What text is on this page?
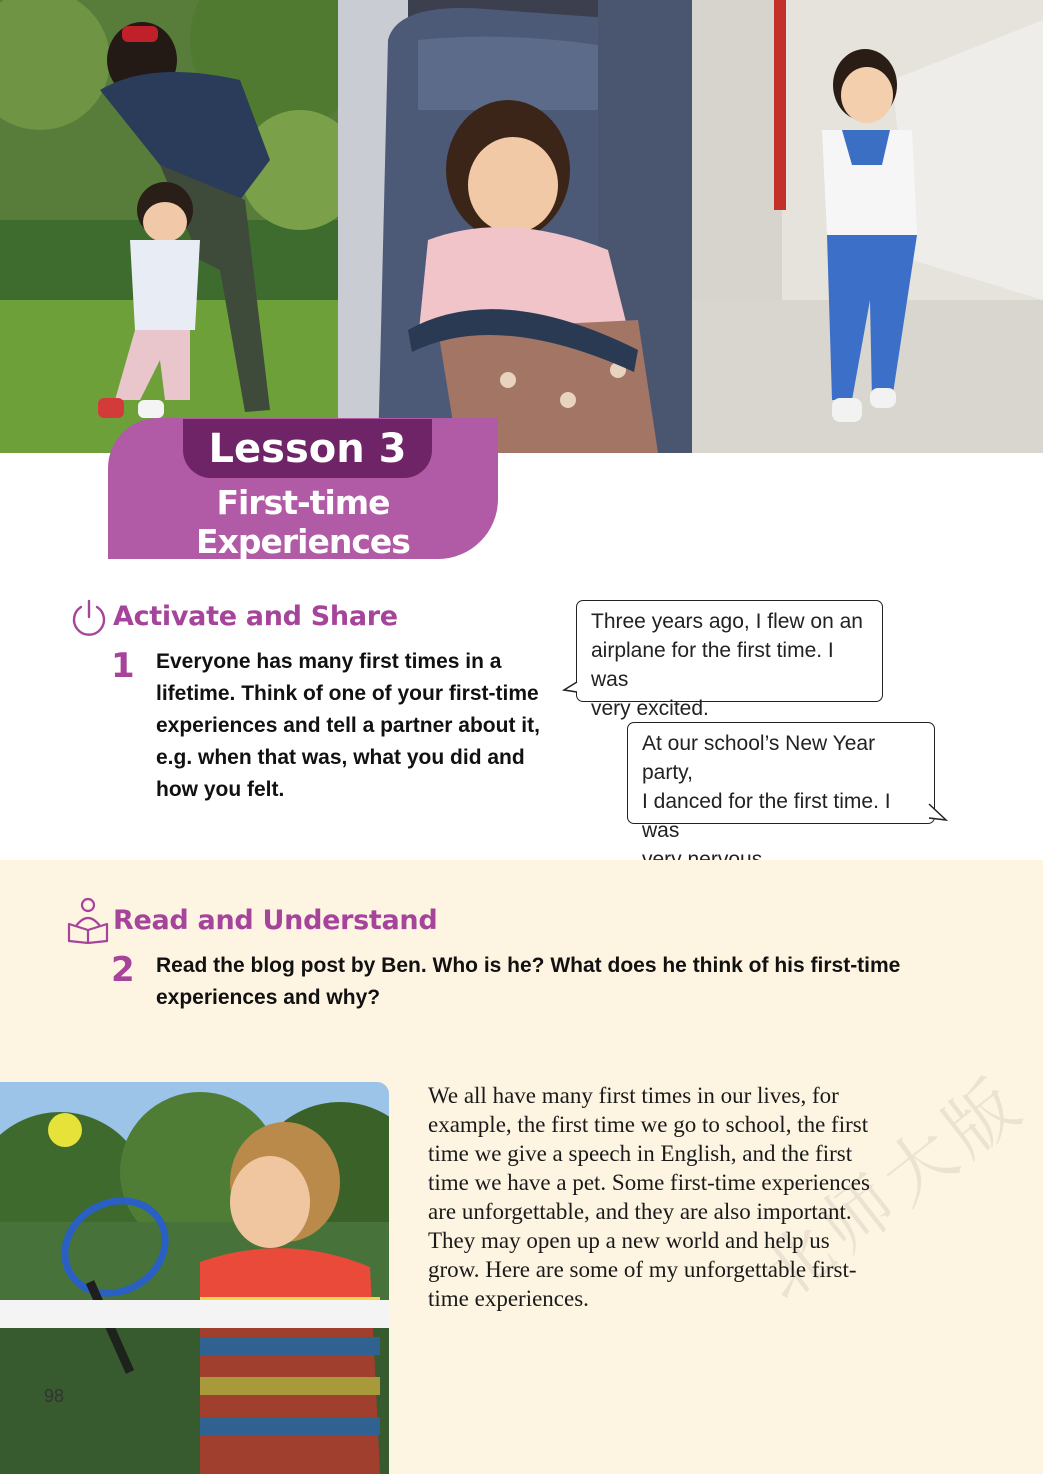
Lesson 3
First-time Experiences
Activate and Share
1 Everyone has many first times in a
lifetime. Think of one of your first-time
experiences and tell a partner about it,
e.g. when that was, what you did and
how you felt.
Three years ago, I flew on an
airplane for the first time. I was
very excited.
At our school’s New Year party,
I danced for the first time. I was
Read and Understand
2 Read the blog post by Ben. Who is he? What does he think of his first-time
experiences and why?
We all have many first times in our lives, for
example, the first time we go to school, the first
time we give a speech in English, and the first
time we have a pet. Some first-time experiences
are unforgettable, and they are also important.
They may open up a new world and help us
grow. Here are some of my unforgettable first-
time experiences.	北师大版
98
